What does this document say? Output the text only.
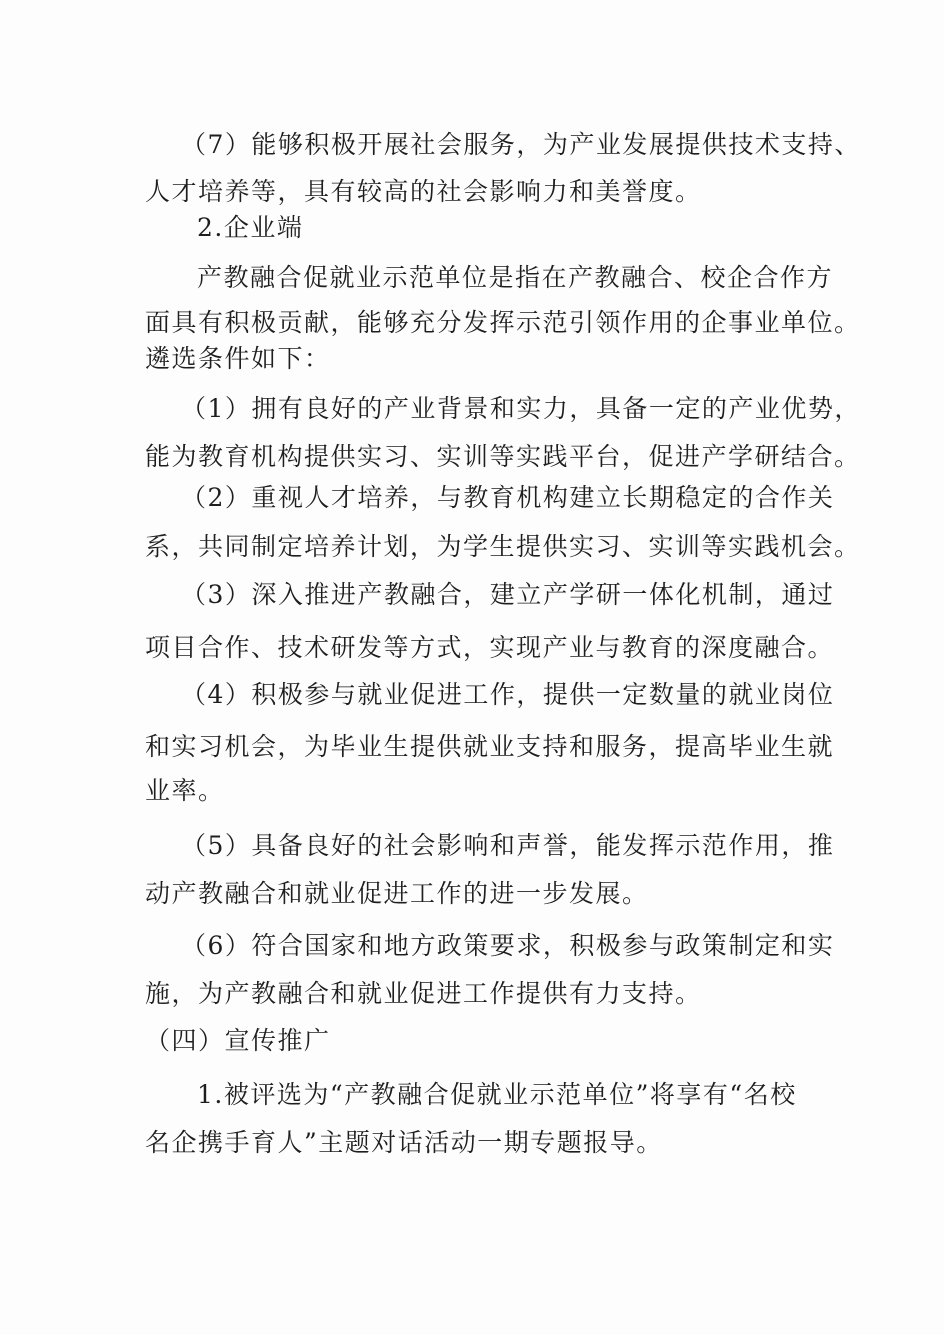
（7）能够积极开展社会服务，为产业发展提供技术支持、
人才培养等，具有较高的社会影响力和美誉度。
2.企业端
产教融合促就业示范单位是指在产教融合、校企合作方
面具有积极贡献，能够充分发挥示范引领作用的企事业单位。
遴选条件如下：
（1）拥有良好的产业背景和实力，具备一定的产业优势，
能为教育机构提供实习、实训等实践平台，促进产学研结合。
（2）重视人才培养，与教育机构建立长期稳定的合作关
系，共同制定培养计划，为学生提供实习、实训等实践机会。
（3）深入推进产教融合，建立产学研一体化机制，通过
项目合作、技术研发等方式，实现产业与教育的深度融合。
（4）积极参与就业促进工作，提供一定数量的就业岗位
和实习机会，为毕业生提供就业支持和服务，提高毕业生就
业率。
（5）具备良好的社会影响和声誉，能发挥示范作用，推
动产教融合和就业促进工作的进一步发展。
（6）符合国家和地方政策要求，积极参与政策制定和实
施，为产教融合和就业促进工作提供有力支持。
（四）宣传推广
1.被评选为“产教融合促就业示范单位”将享有“名校
名企携手育人”主题对话活动一期专题报导。
